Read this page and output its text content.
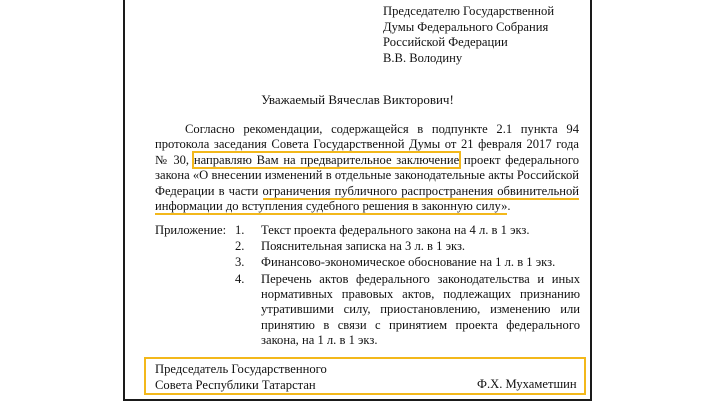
Председателю Государственной
Думы Федерального Собрания
Российской Федерации
В.В. Володину
Уважаемый Вячеслав Викторович!
Согласно рекомендации, содержащейся в подпункте 2.1 пункта 94
протокола заседания Совета Государственной Думы от 21 февраля 2017 года
№ 30, направляю Вам на предварительное заключение проект федерального
закона «О внесении изменений в отдельные законодательные акты Российской
Федерации в части ограничения публичного распространения обвинительной
информации до вступления судебного решения в законную силу».
Приложение: 1. Текст проекта федерального закона на 4 л. в 1 экз.
2. Пояснительная записка на 3 л. в 1 экз.
3. Финансово-экономическое обоснование на 1 л. в 1 экз.
4. Перечень актов федерального законодательства и иных
нормативных правовых актов, подлежащих признанию
утратившими силу, приостановлению, изменению или
принятию в связи с принятием проекта федерального
закона, на 1 л. в 1 экз.
Председатель Государственного
Совета Республики Татарстан	Ф.Х. Мухаметшин
